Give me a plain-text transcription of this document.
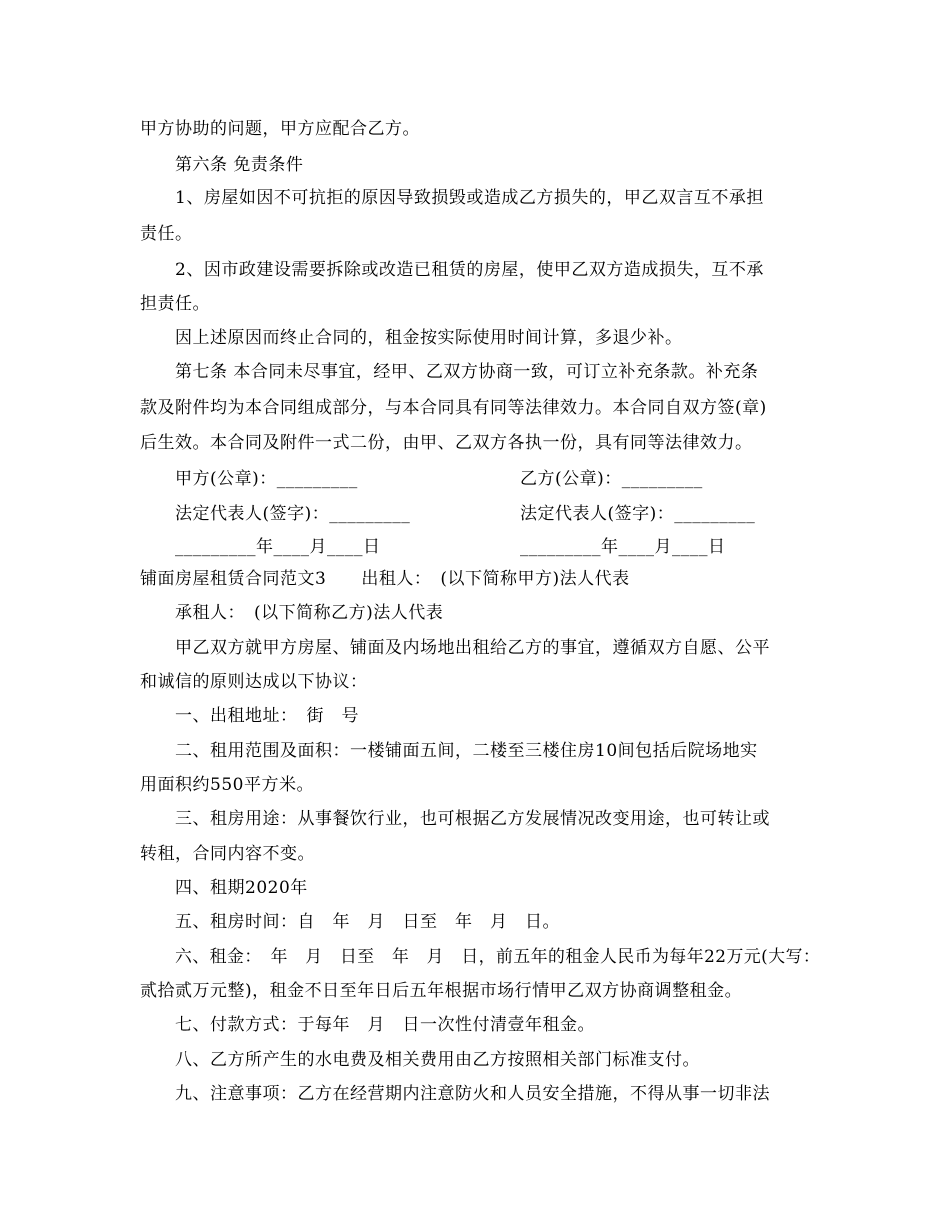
甲方协助的问题，甲方应配合乙方。
第六条 免责条件
1、房屋如因不可抗拒的原因导致损毁或造成乙方损失的，甲乙双言互不承担
责任。
2、因市政建设需要拆除或改造已租赁的房屋，使甲乙双方造成损失，互不承
担责任。
因上述原因而终止合同的，租金按实际使用时间计算，多退少补。
第七条 本合同未尽事宜，经甲、乙双方协商一致，可订立补充条款。补充条
款及附件均为本合同组成部分，与本合同具有同等法律效力。本合同自双方签(章)
后生效。本合同及附件一式二份，由甲、乙双方各执一份，具有同等法律效力。
甲方(公章)：_________	乙方(公章)：_________
法定代表人(签字)：_________	法定代表人(签字)：_________
_________年____月____日	_________年____月____日
铺面房屋租赁合同范文3　　出租人：　(以下简称甲方)法人代表
承租人：　(以下简称乙方)法人代表
甲乙双方就甲方房屋、铺面及内场地出租给乙方的事宜，遵循双方自愿、公平
和诚信的原则达成以下协议：
一、出租地址：　街　号
二、租用范围及面积：一楼铺面五间，二楼至三楼住房10间包括后院场地实
用面积约550平方米。
三、租房用途：从事餐饮行业，也可根据乙方发展情况改变用途，也可转让或
转租，合同内容不变。
四、租期2020年
五、租房时间：自　年　月　日至　年　月　日。
六、租金：　年　月　日至　年　月　日，前五年的租金人民币为每年22万元(大写：
贰拾贰万元整)，租金不日至年日后五年根据市场行情甲乙双方协商调整租金。
七、付款方式：于每年　月　日一次性付清壹年租金。
八、乙方所产生的水电费及相关费用由乙方按照相关部门标准支付。
九、注意事项：乙方在经营期内注意防火和人员安全措施，不得从事一切非法
